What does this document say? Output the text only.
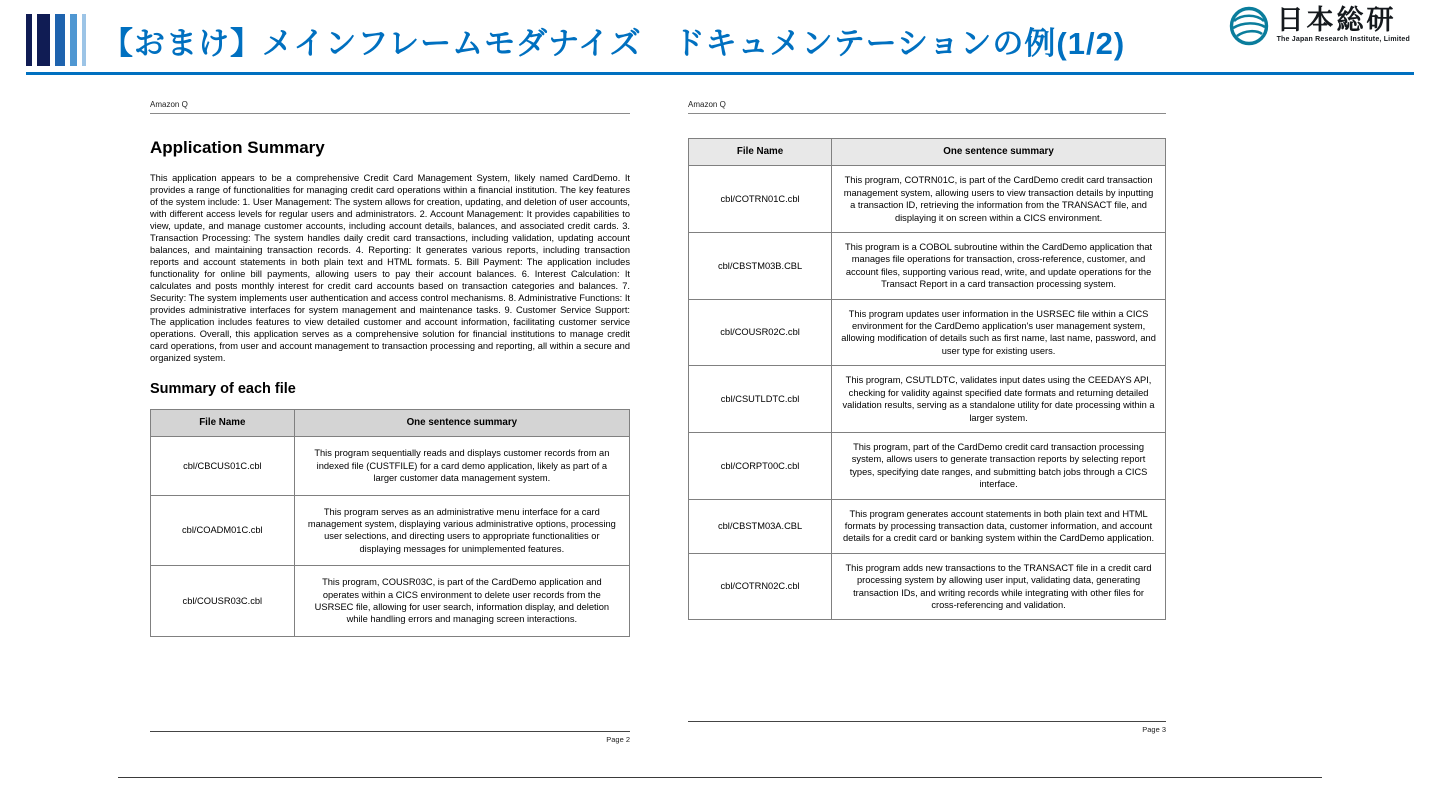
【おまけ】メインフレームモダナイズ　ドキュメンテーションの例(1/2)
日本総研
The Japan Research Institute, Limited
Amazon Q
Application Summary
This application appears to be a comprehensive Credit Card Management System, likely named CardDemo. It provides a range of functionalities for managing credit card operations within a financial institution. The key features of the system include: 1. User Management: The system allows for creation, updating, and deletion of user accounts, with different access levels for regular users and administrators. 2. Account Management: It provides capabilities to view, update, and manage customer accounts, including account details, balances, and associated credit cards. 3. Transaction Processing: The system handles daily credit card transactions, including validation, updating account balances, and maintaining transaction records. 4. Reporting: It generates various reports, including transaction reports and account statements in both plain text and HTML formats. 5. Bill Payment: The application includes functionality for online bill payments, allowing users to pay their account balances. 6. Interest Calculation: It calculates and posts monthly interest for credit card accounts based on transaction categories and balances. 7. Security: The system implements user authentication and access control mechanisms. 8. Administrative Functions: It provides administrative interfaces for system management and maintenance tasks. 9. Customer Service Support: The application includes features to view detailed customer and account information, facilitating customer service operations. Overall, this application serves as a comprehensive solution for financial institutions to manage credit card operations, from user and account management to transaction processing and reporting, all within a secure and organized system.
Summary of each file
File Name	One sentence summary
cbl/CBCUS01C.cbl	This program sequentially reads and displays customer records from an indexed file (CUSTFILE) for a card demo application, likely as part of a larger customer data management system.
cbl/COADM01C.cbl	This program serves as an administrative menu interface for a card management system, displaying various administrative options, processing user selections, and directing users to appropriate functionalities or displaying messages for unimplemented features.
cbl/COUSR03C.cbl	This program, COUSR03C, is part of the CardDemo application and operates within a CICS environment to delete user records from the USRSEC file, allowing for user search, information display, and deletion while handling errors and managing screen interactions.
Page 2
Amazon Q
File Name	One sentence summary
cbl/COTRN01C.cbl	This program, COTRN01C, is part of the CardDemo credit card transaction management system, allowing users to view transaction details by inputting a transaction ID, retrieving the information from the TRANSACT file, and displaying it on screen within a CICS environment.
cbl/CBSTM03B.CBL	This program is a COBOL subroutine within the CardDemo application that manages file operations for transaction, cross-reference, customer, and account files, supporting various read, write, and update operations for the Transact Report in a card transaction processing system.
cbl/COUSR02C.cbl	This program updates user information in the USRSEC file within a CICS environment for the CardDemo application's user management system, allowing modification of details such as first name, last name, password, and user type for existing users.
cbl/CSUTLDTC.cbl	This program, CSUTLDTC, validates input dates using the CEEDAYS API, checking for validity against specified date formats and returning detailed validation results, serving as a standalone utility for date processing within a larger system.
cbl/CORPT00C.cbl	This program, part of the CardDemo credit card transaction processing system, allows users to generate transaction reports by selecting report types, specifying date ranges, and submitting batch jobs through a CICS interface.
cbl/CBSTM03A.CBL	This program generates account statements in both plain text and HTML formats by processing transaction data, customer information, and account details for a credit card or banking system within the CardDemo application.
cbl/COTRN02C.cbl	This program adds new transactions to the TRANSACT file in a credit card processing system by allowing user input, validating data, generating transaction IDs, and writing records while integrating with other files for cross-referencing and validation.
Page 3
